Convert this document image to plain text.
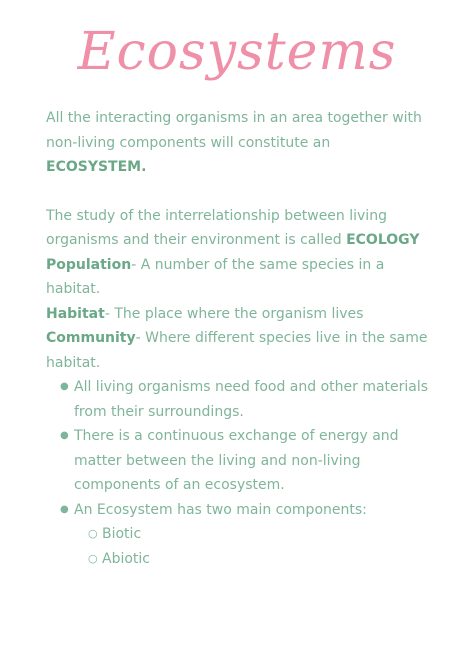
Ecosystems

All the interacting organisms in an area together with non-living components will constitute an ECOSYSTEM.

The study of the interrelationship between living organisms and their environment is called ECOLOGY

Population- A number of the same species in a habitat.

Habitat- The place where the organism lives

Community- Where different species live in the same habitat.

● All living organisms need food and other materials from their surroundings.
● There is a continuous exchange of energy and matter between the living and non-living components of an ecosystem.
● An Ecosystem has two main components:
○ Biotic
○ Abiotic
